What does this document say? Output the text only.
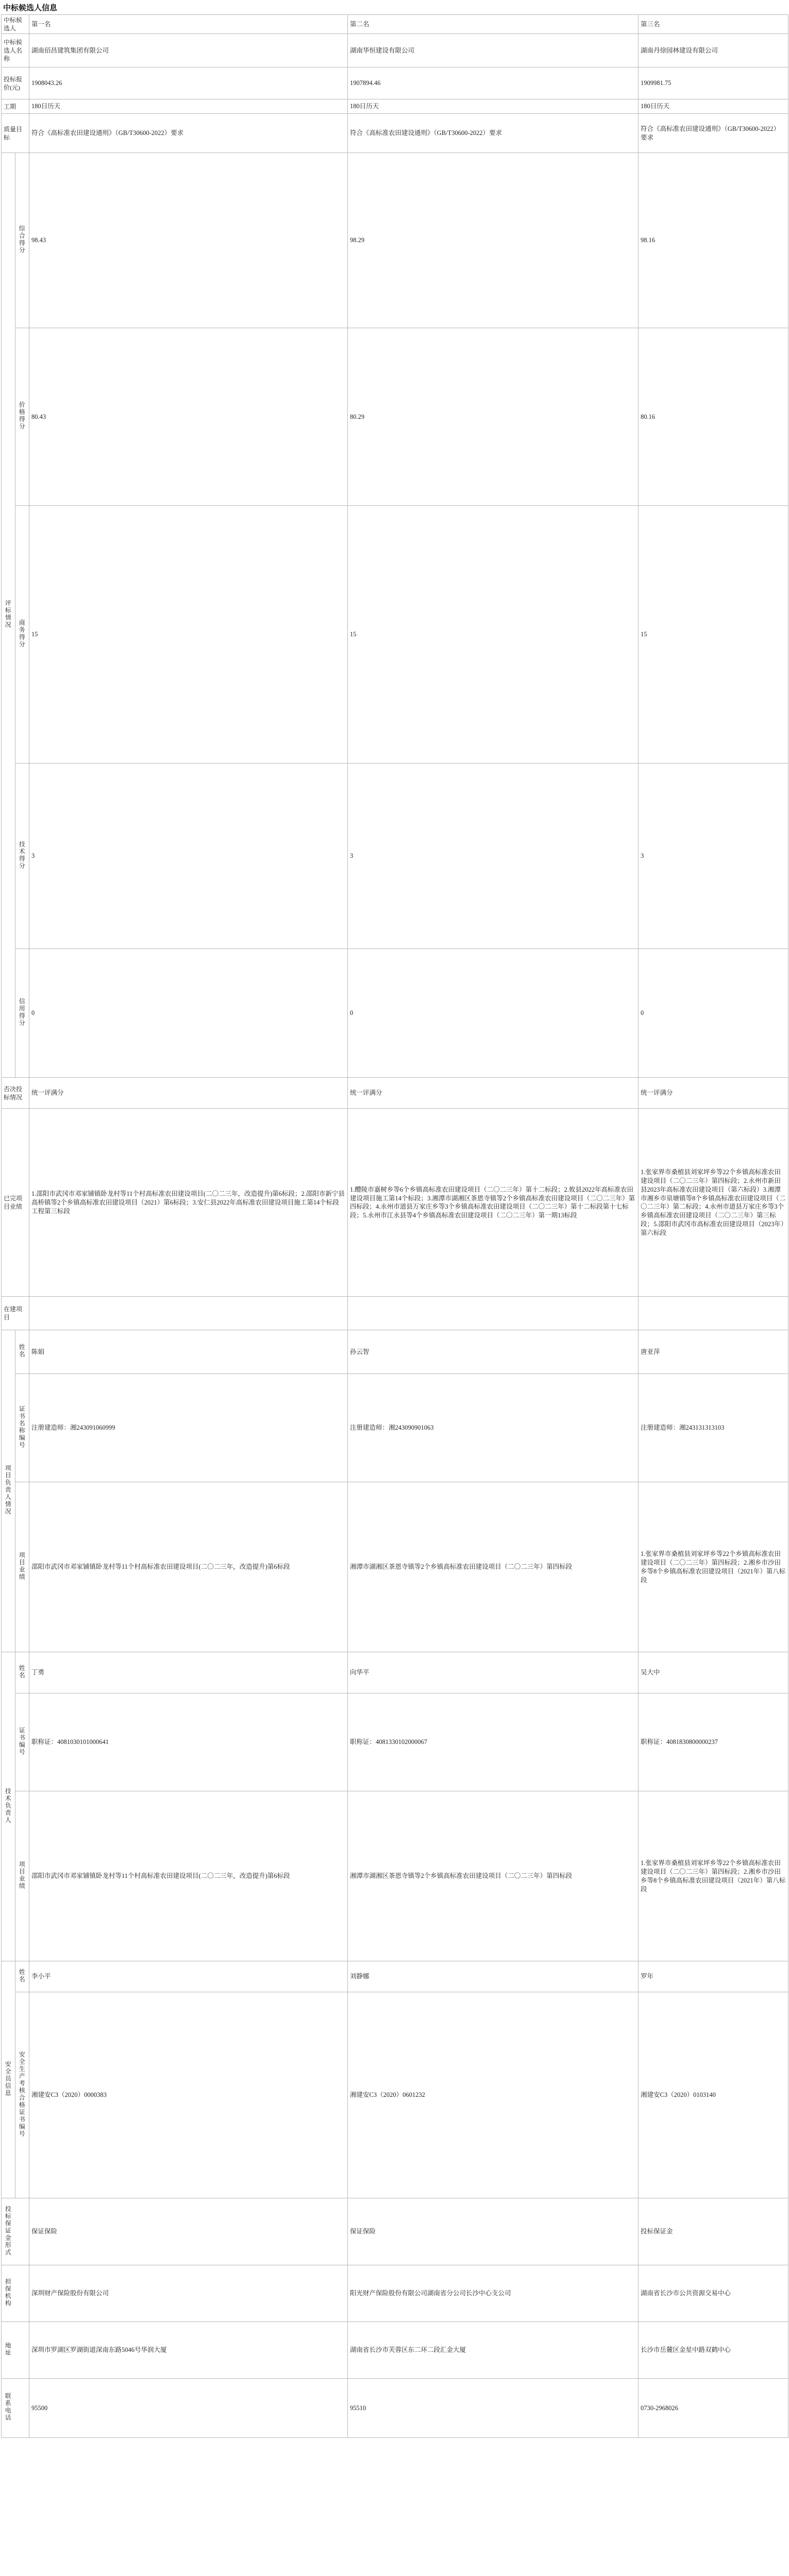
中标候选人信息
中标候选人		第一名	第二名	第三名
中标候选人名称		湖南佰昌建筑集团有限公司	湖南华恒建设有限公司	湖南丹徐园林建设有限公司
投标报价(元)		1908043.26	1907894.46	1909981.75
工期		180日历天	180日历天	180日历天
质量目标		符合《高标准农田建设通则》（GB/T30600-2022）要求	符合《高标准农田建设通则》（GB/T30600-2022）要求	符合《高标准农田建设通则》（GB/T30600-2022）要求
评标情况	综合得分	98.43	98.29	98.16
	价格得分	80.43	80.29	80.16
	商务得分	15	15	15
	技术得分	3	3	3
	信用得分	0	0	0
否决投标情况		统一评满分	统一评满分	统一评满分
已完项目业绩		1.邵阳市武冈市邓家铺镇卧龙村等11个村高标准农田建设项目(二〇二三年，改造提升)第6标段；2.邵阳市新宁县高桥镇等2个乡镇高标准农田建设项目（2021）第6标段；3.安仁县2022年高标准农田建设项目施工第14个标段工程第三标段	1.醴陵市嘉树乡等6个乡镇高标准农田建设项目（二〇二三年）第十二标段；2.攸县2022年高标准农田建设项目施工第14个标段；3.湘潭市湖湘区茶恩寺镇等2个乡镇高标准农田建设项目（二〇二三年）第四标段；4.永州市道县万家庄乡等3个乡镇高标准农田建设项目（二〇二三年）第十二标段第十七标段；5.永州市江永县等4个乡镇高标准农田建设项目（二〇二三年）第一期13标段	1.张家界市桑植县刘家坪乡等22个乡镇高标准农田建设项目（二〇二三年）第四标段；2.永州市新田县2023年高标准农田建设项目（第六标段）3.湘潭市湘乡市泉塘镇等8个乡镇高标准农田建设项目（二〇二三年）第二标段；4.永州市道县万家庄乡等3个乡镇高标准农田建设项目（二〇二三年）第三标段；5.邵阳市武冈市高标准农田建设项目（2023年）第六标段
在建项目				
项目负责人情况	姓名	陈娟	孙云智	唐亚萍
	证书名称编号	注册建造师：湘243091060999	注册建造师：湘243090901063	注册建造师：湘243131313103
	项目业绩	邵阳市武冈市邓家铺镇卧龙村等11个村高标准农田建设项目(二〇二三年，改造提升)第6标段	湘潭市湖湘区茶恩寺镇等2个乡镇高标准农田建设项目（二〇二三年）第四标段	1.张家界市桑植县刘家坪乡等22个乡镇高标准农田建设项目（二〇二三年）第四标段；2.湘乡市沙田乡等8个乡镇高标准农田建设项目（2021年）第八标段
技术负责人	姓名	丁勇	向华平	吴大中
	证书编号	职称证：4081030101000641	职称证：4081330102000067	职称证：4081830800000237
	项目业绩	邵阳市武冈市邓家铺镇卧龙村等11个村高标准农田建设项目(二〇二三年，改造提升)第6标段	湘潭市湖湘区茶恩寺镇等2个乡镇高标准农田建设项目（二〇二三年）第四标段	1.张家界市桑植县刘家坪乡等22个乡镇高标准农田建设项目（二〇二三年）第四标段；2.湘乡市沙田乡等8个乡镇高标准农田建设项目（2021年）第八标段
安全员信息	姓名	李小平	刘静娜	罗年
	安全生产考核合格证书编号	湘建安C3（2020）0000383	湘建安C3（2020）0601232	湘建安C3（2020）0103140
投标保证金形式		保证保险	保证保险	投标保证金
担保机构		深圳财产保险股份有限公司	阳光财产保险股份有限公司湖南省分公司长沙中心支公司	湖南省长沙市公共资源交易中心
地址		深圳市罗湖区罗湖街道深南东路5046号华润大厦	湖南省长沙市芙蓉区东二环二段汇金大厦	长沙市岳麓区金星中路双鹤中心
联系电话		95500	95510	0730-2968026
